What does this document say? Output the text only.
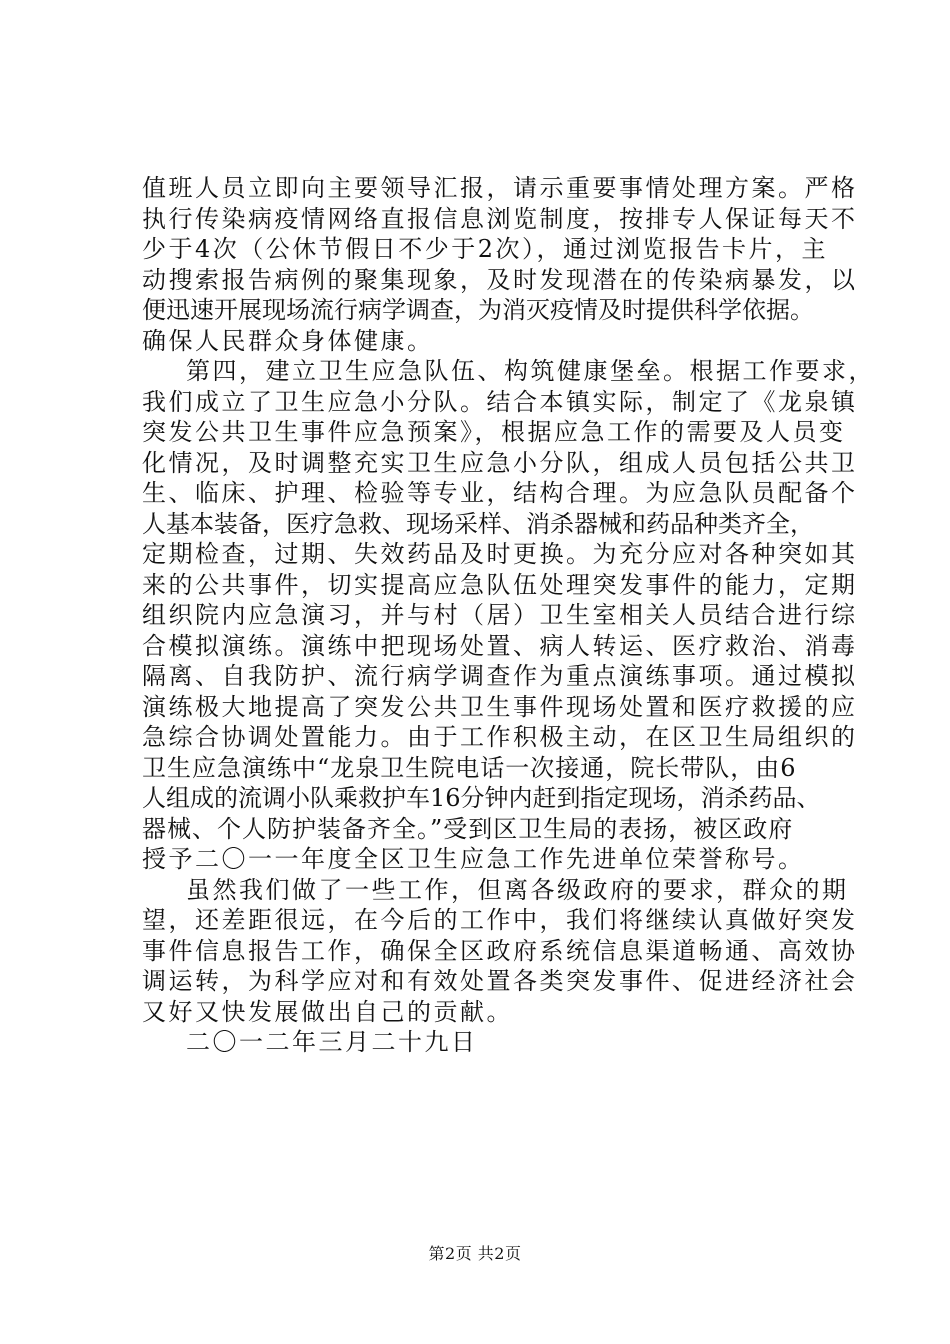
值班人员立即向主要领导汇报，请示重要事情处理方案。严格
执行传染病疫情网络直报信息浏览制度，按排专人保证每天不
少于4次（公休节假日不少于2次），通过浏览报告卡片，主
动搜索报告病例的聚集现象，及时发现潜在的传染病暴发，以
便迅速开展现场流行病学调查，为消灭疫情及时提供科学依据。
确保人民群众身体健康。
第四，建立卫生应急队伍、构筑健康堡垒。根据工作要求，
我们成立了卫生应急小分队。结合本镇实际，制定了《龙泉镇
突发公共卫生事件应急预案》，根据应急工作的需要及人员变
化情况，及时调整充实卫生应急小分队，组成人员包括公共卫
生、临床、护理、检验等专业，结构合理。为应急队员配备个
人基本装备，医疗急救、现场采样、消杀器械和药品种类齐全，
定期检查，过期、失效药品及时更换。为充分应对各种突如其
来的公共事件，切实提高应急队伍处理突发事件的能力，定期
组织院内应急演习，并与村（居）卫生室相关人员结合进行综
合模拟演练。演练中把现场处置、病人转运、医疗救治、消毒
隔离、自我防护、流行病学调查作为重点演练事项。通过模拟
演练极大地提高了突发公共卫生事件现场处置和医疗救援的应
急综合协调处置能力。由于工作积极主动，在区卫生局组织的
卫生应急演练中“龙泉卫生院电话一次接通，院长带队，由6
人组成的流调小队乘救护车16分钟内赶到指定现场，消杀药品、
器械、个人防护装备齐全。”受到区卫生局的表扬，被区政府
授予二〇一一年度全区卫生应急工作先进单位荣誉称号。
虽然我们做了一些工作，但离各级政府的要求，群众的期
望，还差距很远，在今后的工作中，我们将继续认真做好突发
事件信息报告工作，确保全区政府系统信息渠道畅通、高效协
调运转，为科学应对和有效处置各类突发事件、促进经济社会
又好又快发展做出自己的贡献。
二〇一二年三月二十九日
第2页 共2页
